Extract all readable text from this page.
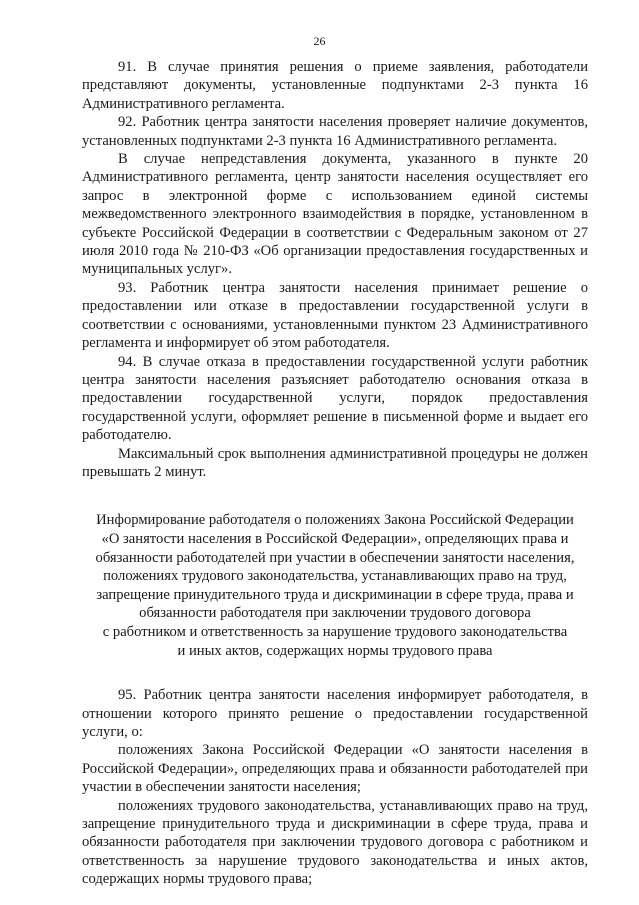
26

91. В случае принятия решения о приеме заявления, работодатели представляют документы, установленные подпунктами 2-3 пункта 16 Административного регламента.

92. Работник центра занятости населения проверяет наличие документов, установленных подпунктами 2-3 пункта 16 Административного регламента.

В случае непредставления документа, указанного в пункте 20 Административного регламента, центр занятости населения осуществляет его запрос в электронной форме с использованием единой системы межведомственного электронного взаимодействия в порядке, установленном в субъекте Российской Федерации в соответствии с Федеральным законом от 27 июля 2010 года № 210-ФЗ «Об организации предоставления государственных и муниципальных услуг».

93. Работник центра занятости населения принимает решение о предоставлении или отказе в предоставлении государственной услуги в соответствии с основаниями, установленными пунктом 23 Административного регламента и информирует об этом работодателя.

94. В случае отказа в предоставлении государственной услуги работник центра занятости населения разъясняет работодателю основания отказа в предоставлении государственной услуги, порядок предоставления государственной услуги, оформляет решение в письменной форме и выдает его работодателю.

Максимальный срок выполнения административной процедуры не должен превышать 2 минут.

Информирование работодателя о положениях Закона Российской Федерации
«О занятости населения в Российской Федерации», определяющих права и
обязанности работодателей при участии в обеспечении занятости населения,
положениях трудового законодательства, устанавливающих право на труд,
запрещение принудительного труда и дискриминации в сфере труда, права и
обязанности работодателя при заключении трудового договора
с работником и ответственность за нарушение трудового законодательства
и иных актов, содержащих нормы трудового права

95. Работник центра занятости населения информирует работодателя, в отношении которого принято решение о предоставлении государственной услуги, о:

положениях Закона Российской Федерации «О занятости населения в Российской Федерации», определяющих права и обязанности работодателей при участии в обеспечении занятости населения;

положениях трудового законодательства, устанавливающих право на труд, запрещение принудительного труда и дискриминации в сфере труда, права и обязанности работодателя при заключении трудового договора с работником и ответственность за нарушение трудового законодательства и иных актов, содержащих нормы трудового права;
